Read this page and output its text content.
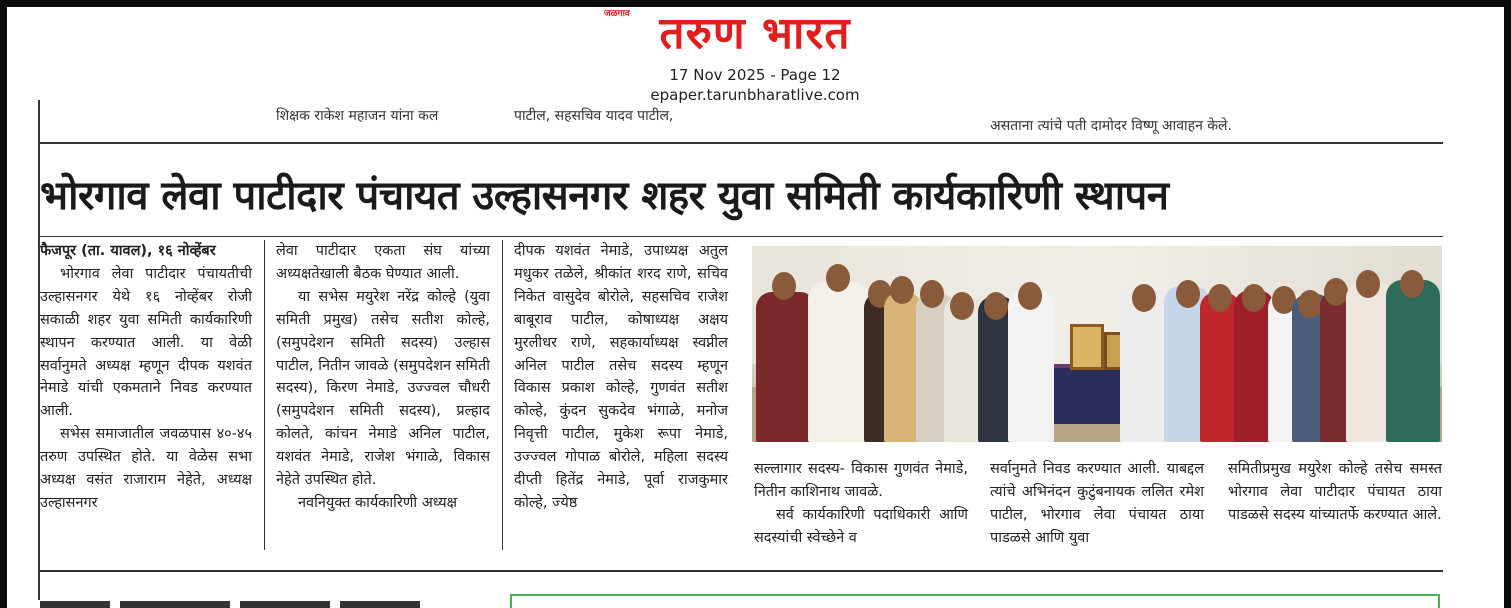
जळगाव तरुण भारत
17 Nov 2025 - Page 12
epaper.tarunbharatlive.com
शिक्षक राकेश महाजन यांना कल	पाटील, सहसचिव यादव पाटील,
असताना त्यांचे पती दामोदर विष्णू आवाहन केले.
भोरगाव लेवा पाटीदार पंचायत उल्हासनगर शहर युवा समिती कार्यकारिणी स्थापन

फैजपूर (ता. यावल), १६ नोव्हेंबर

भोरगाव लेवा पाटीदार पंचायतीची उल्हासनगर येथे १६ नोव्हेंबर रोजी सकाळी शहर युवा समिती कार्यकारिणी स्थापन करण्यात आली. या वेळी सर्वानुमते अध्यक्ष म्हणून दीपक यशवंत नेमाडे यांची एकमताने निवड करण्यात आली.

सभेस समाजातील जवळपास ४०-४५ तरुण उपस्थित होते. या वेळेस सभा अध्यक्ष वसंत राजाराम नेहेते, अध्यक्ष उल्हासनगर

लेवा पाटीदार एकता संघ यांच्या अध्यक्षतेखाली बैठक घेण्यात आली.

या सभेस मयुरेश नरेंद्र कोल्हे (युवा समिती प्रमुख) तसेच सतीश कोल्हे, (समुपदेशन समिती सदस्य) उल्हास पाटील, नितीन जावळे (समुपदेशन समिती सदस्य), किरण नेमाडे, उज्ज्वल चौधरी (समुपदेशन समिती सदस्य), प्रल्हाद कोलते, कांचन नेमाडे अनिल पाटील, यशवंत नेमाडे, राजेश भंगाळे, विकास नेहेते उपस्थित होते.

नवनियुक्त कार्यकारिणी अध्यक्ष

दीपक यशवंत नेमाडे, उपाध्यक्ष अतुल मधुकर तळेले, श्रीकांत शरद राणे, सचिव निकेत वासुदेव बोरोले, सहसचिव राजेश बाबूराव पाटील, कोषाध्यक्ष अक्षय मुरलीधर राणे, सहकार्याध्यक्ष स्वप्नील अनिल पाटील तसेच सदस्य म्हणून विकास प्रकाश कोल्हे, गुणवंत सतीश कोल्हे, कुंदन सुकदेव भंगाळे, मनोज निवृत्ती पाटील, मुकेश रूपा नेमाडे, उज्ज्वल गोपाळ बोरोले, महिला सदस्य दीप्ती हितेंद्र नेमाडे, पूर्वा राजकुमार कोल्हे, ज्येष्ठ

सल्लागार सदस्य- विकास गुणवंत नेमाडे, नितीन काशिनाथ जावळे.

सर्व कार्यकारिणी पदाधिकारी आणि सदस्यांची स्वेच्छेने व

सर्वानुमते निवड करण्यात आली. याबद्दल त्यांचे अभिनंदन कुटुंबनायक ललित रमेश पाटील, भोरगाव लेवा पंचायत ठाया पाडळसे आणि युवा

समितीप्रमुख मयुरेश कोल्हे तसेच समस्त भोरगाव लेवा पाटीदार पंचायत ठाया पाडळसे सदस्य यांच्यातर्फे करण्यात आले.
